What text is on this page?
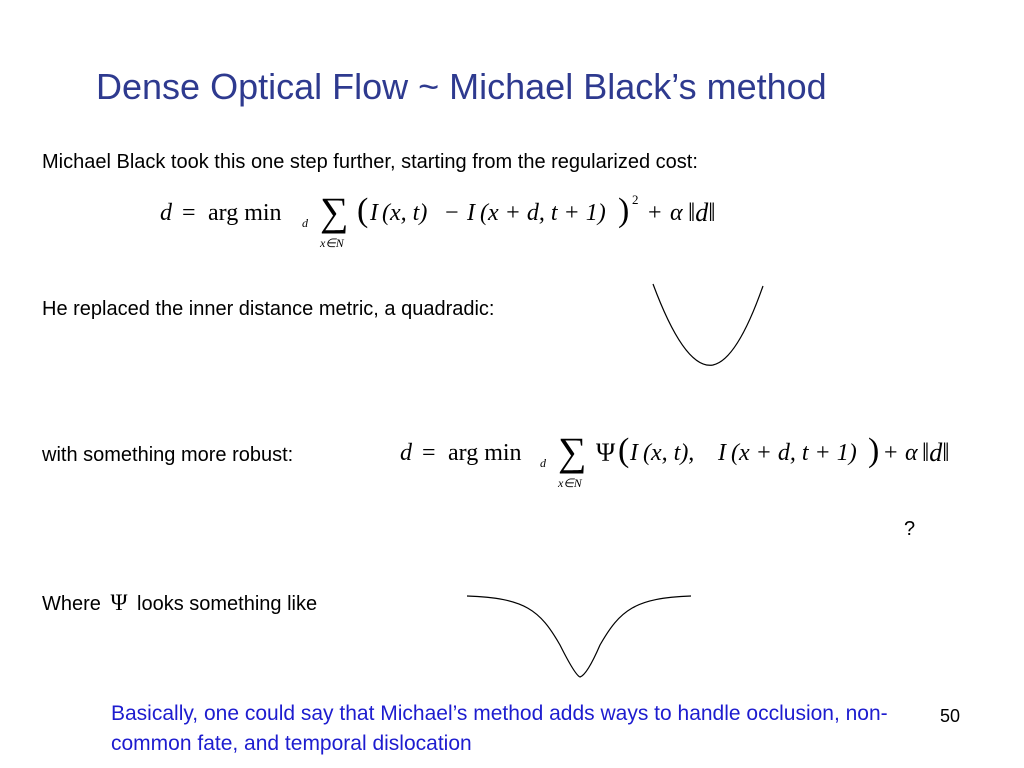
Dense Optical Flow ~ Michael Black’s method
Michael Black took this one step further, starting from the regularized cost:
d = arg min d ∑
x∈N
( I (x, t) − I (x + d, t + 1) ) 2
+ α ‖d‖
He replaced the inner distance metric, a quadradic:
with something more robust:	d = arg min d ∑
x∈N
Ψ ( I (x, t), I (x + d, t + 1) ) + α ‖d‖
?
Where Ψ looks something like
Basically, one could say that Michael’s method adds ways to handle occlusion, non-common fate, and temporal dislocation
50
